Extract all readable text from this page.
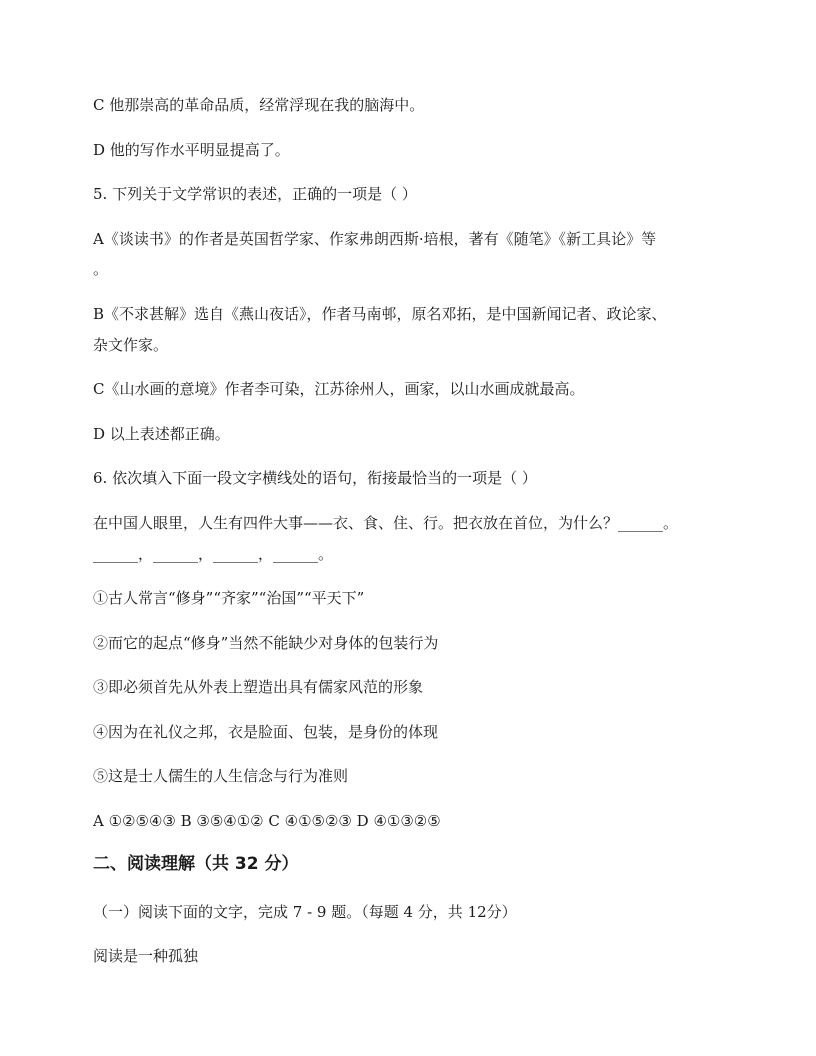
C 他那崇高的革命品质，经常浮现在我的脑海中。
D 他的写作水平明显提高了。
5. 下列关于文学常识的表述，正确的一项是（ ）
A《谈读书》的作者是英国哲学家、作家弗朗西斯·培根，著有《随笔》《新工具论》等
。
B《不求甚解》选自《燕山夜话》，作者马南邨，原名邓拓，是中国新闻记者、政论家、
杂文作家。
C《山水画的意境》作者李可染，江苏徐州人，画家，以山水画成就最高。
D 以上表述都正确。
6. 依次填入下面一段文字横线处的语句，衔接最恰当的一项是（ ）
在中国人眼里，人生有四件大事——衣、食、住、行。把衣放在首位，为什么？______。
______，______，______，______。
①古人常言“修身”“齐家”“治国”“平天下”
②而它的起点“修身”当然不能缺少对身体的包装行为
③即必须首先从外表上塑造出具有儒家风范的形象
④因为在礼仪之邦，衣是脸面、包装，是身份的体现
⑤这是士人儒生的人生信念与行为准则
A ①②⑤④③ B ③⑤④①② C ④①⑤②③ D ④①③②⑤
二、阅读理解（共 32 分）
（一）阅读下面的文字，完成 7 - 9 题。（每题 4 分，共 12分）
阅读是一种孤独
